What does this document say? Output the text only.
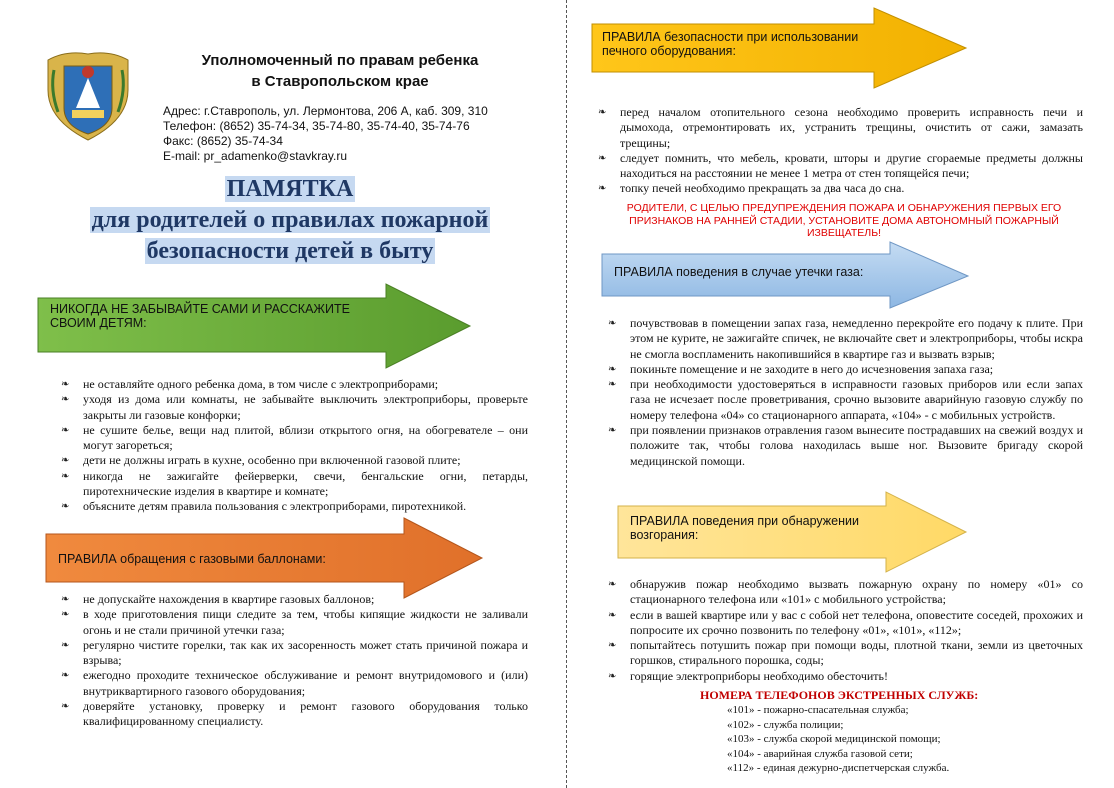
Уполномоченный по правам ребенка
в Ставропольском крае
Адрес: г.Ставрополь, ул. Лермонтова, 206 А, каб. 309, 310
Телефон: (8652) 35-74-34, 35-74-80, 35-74-40, 35-74-76
Факс: (8652) 35-74-34
E-mail: pr_adamenko@stavkray.ru
ПАМЯТКА
для родителей о правилах пожарной
безопасности детей в быту
НИКОГДА НЕ ЗАБЫВАЙТЕ САМИ И РАССКАЖИТЕ СВОИМ ДЕТЯМ:
❧ не оставляйте одного ребенка дома, в том числе с электроприборами;
❧ уходя из дома или комнаты, не забывайте выключить электроприборы, проверьте закрыты ли газовые конфорки;
❧ не сушите белье, вещи над плитой, вблизи открытого огня, на обогревателе – они могут загореться;
❧ дети не должны играть в кухне, особенно при включенной газовой плите;
❧ никогда не зажигайте фейерверки, свечи, бенгальские огни, петарды, пиротехнические изделия в квартире и комнате;
❧ объясните детям правила пользования с электроприборами, пиротехникой.
ПРАВИЛА обращения с газовыми баллонами:
❧ не допускайте нахождения в квартире газовых баллонов;
❧ в ходе приготовления пищи следите за тем, чтобы кипящие жидкости не заливали огонь и не стали причиной утечки газа;
❧ регулярно чистите горелки, так как их засоренность может стать причиной пожара и взрыва;
❧ ежегодно проходите техническое обслуживание и ремонт внутридомового и (или) внутриквартирного газового оборудования;
❧ доверяйте установку, проверку и ремонт газового оборудования только квалифицированному специалисту.
ПРАВИЛА безопасности при использовании печного оборудования:
❧ перед началом отопительного сезона необходимо проверить исправность печи и дымохода, отремонтировать их, устранить трещины, очистить от сажи, замазать трещины;
❧ следует помнить, что мебель, кровати, шторы и другие сгораемые предметы должны находиться на расстоянии не менее 1 метра от стен топящейся печи;
❧ топку печей необходимо прекращать за два часа до сна.
РОДИТЕЛИ, С ЦЕЛЬЮ ПРЕДУПРЕЖДЕНИЯ ПОЖАРА И ОБНАРУЖЕНИЯ ПЕРВЫХ ЕГО ПРИЗНАКОВ НА РАННЕЙ СТАДИИ, УСТАНОВИТЕ ДОМА АВТОНОМНЫЙ ПОЖАРНЫЙ ИЗВЕЩАТЕЛЬ!
ПРАВИЛА поведения в случае утечки газа:
❧ почувствовав в помещении запах газа, немедленно перекройте его подачу к плите. При этом не курите, не зажигайте спичек, не включайте свет и электроприборы, чтобы искра не смогла воспламенить накопившийся в квартире газ и вызвать взрыв;
❧ покиньте помещение и не заходите в него до исчезновения запаха газа;
❧ при необходимости удостоверяться в исправности газовых приборов или если запах газа не исчезает после проветривания, срочно вызовите аварийную газовую службу по номеру телефона «04» со стационарного аппарата, «104» - с мобильных устройств.
❧ при появлении признаков отравления газом вынесите пострадавших на свежий воздух и положите так, чтобы голова находилась выше ног. Вызовите бригаду скорой медицинской помощи.
ПРАВИЛА поведения при обнаружении возгорания:
❧ обнаружив пожар необходимо вызвать пожарную охрану по номеру «01» со стационарного телефона или «101» с мобильного устройства;
❧ если в вашей квартире или у вас с собой нет телефона, оповестите соседей, прохожих и попросите их срочно позвонить по телефону «01», «101», «112»;
❧ попытайтесь потушить пожар при помощи воды, плотной ткани, земли из цветочных горшков, стирального порошка, соды;
❧ горящие электроприборы необходимо обесточить!
НОМЕРА ТЕЛЕФОНОВ ЭКСТРЕННЫХ СЛУЖБ:
«101» - пожарно-спасательная служба;
«102» - служба полиции;
«103» - служба скорой медицинской помощи;
«104» - аварийная служба газовой сети;
«112» - единая дежурно-диспетчерская служба.
